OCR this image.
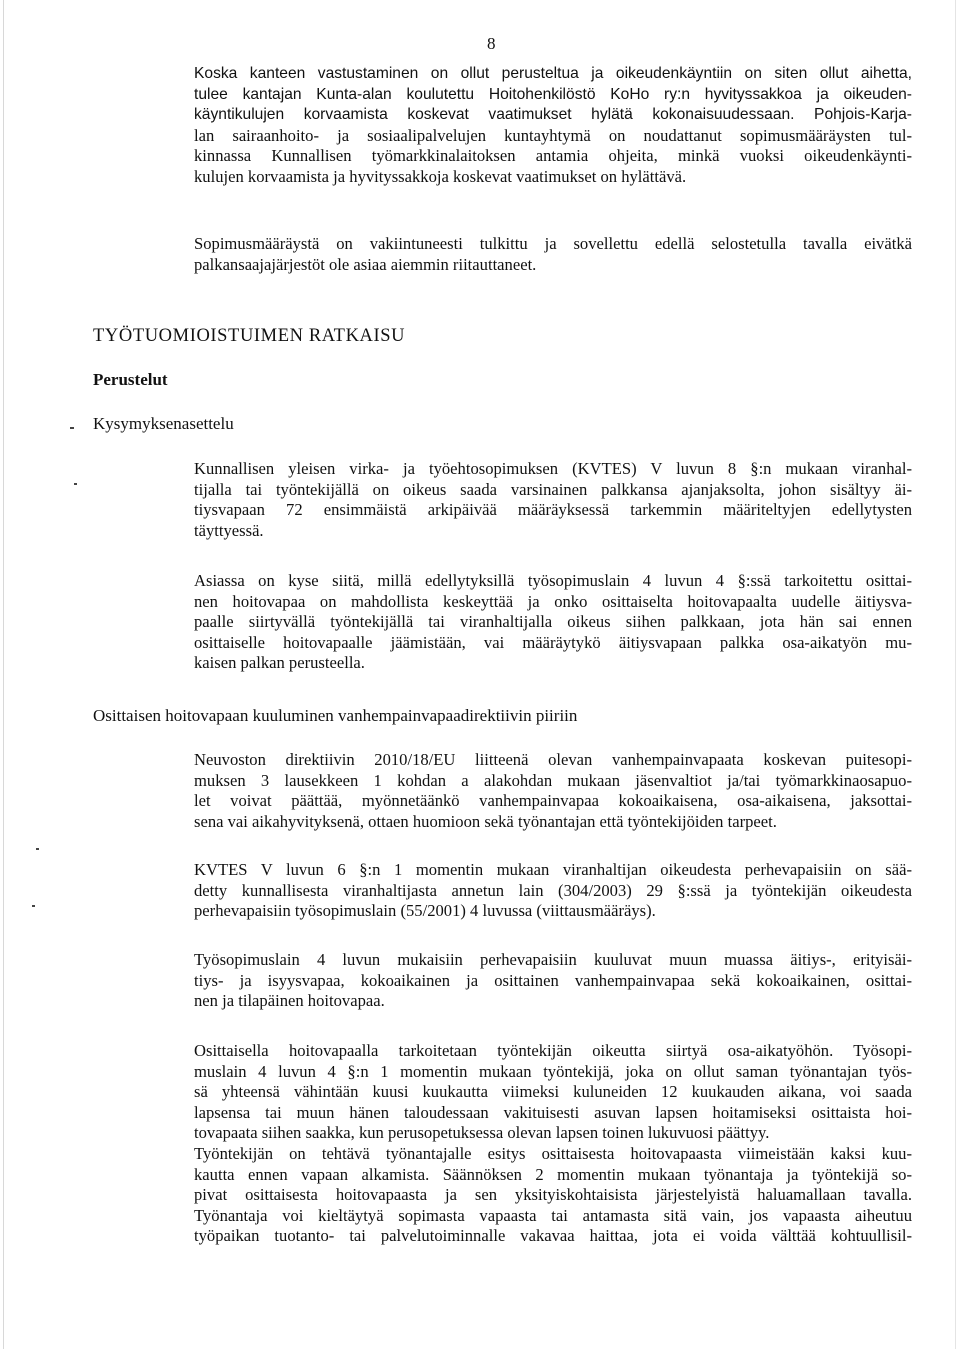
8

Koska kanteen vastustaminen on ollut perusteltua ja oikeudenkäyntiin on siten ollut aihetta,
tulee kantajan Kunta-alan koulutettu Hoitohenkilöstö KoHo ry:n hyvityssakkoa ja oikeuden-
käyntikulujen korvaamista koskevat vaatimukset hylätä kokonaisuudessaan. Pohjois-Karja-
lan sairaanhoito- ja sosiaalipalvelujen kuntayhtymä on noudattanut sopimusmääräysten tul-
kinnassa Kunnallisen työmarkkinalaitoksen antamia ohjeita, minkä vuoksi oikeudenkäynti-
kulujen korvaamista ja hyvityssakkoja koskevat vaatimukset on hylättävä.

Sopimusmääräystä on vakiintuneesti tulkittu ja sovellettu edellä selostetulla tavalla eivätkä
palkansaajajärjestöt ole asiaa aiemmin riitauttaneet.

TYÖTUOMIOISTUIMEN RATKAISU
Perustelut
Kysymyksenasettelu

Kunnallisen yleisen virka- ja työehtosopimuksen (KVTES) V luvun 8 §:n mukaan viranhal-
tijalla tai työntekijällä on oikeus saada varsinainen palkkansa ajanjaksolta, johon sisältyy äi-
tiysvapaan 72 ensimmäistä arkipäivää määräyksessä tarkemmin määriteltyjen edellytysten
täyttyessä.

Asiassa on kyse siitä, millä edellytyksillä työsopimuslain 4 luvun 4 §:ssä tarkoitettu osittai-
nen hoitovapaa on mahdollista keskeyttää ja onko osittaiselta hoitovapaalta uudelle äitiysva-
paalle siirtyvällä työntekijällä tai viranhaltijalla oikeus siihen palkkaan, jota hän sai ennen
osittaiselle hoitovapaalle jäämistään, vai määräytykö äitiysvapaan palkka osa-aikatyön mu-
kaisen palkan perusteella.

Osittaisen hoitovapaan kuuluminen vanhempainvapaadirektiivin piiriin

Neuvoston direktiivin 2010/18/EU liitteenä olevan vanhempainvapaata koskevan puitesopi-
muksen 3 lausekkeen 1 kohdan a alakohdan mukaan jäsenvaltiot ja/tai työmarkkinaosapuo-
let voivat päättää, myönnetäänkö vanhempainvapaa kokoaikaisena, osa-aikaisena, jaksottai-
sena vai aikahyvityksenä, ottaen huomioon sekä työnantajan että työntekijöiden tarpeet.

KVTES V luvun 6 §:n 1 momentin mukaan viranhaltijan oikeudesta perhevapaisiin on sää-
detty kunnallisesta viranhaltijasta annetun lain (304/2003) 29 §:ssä ja työntekijän oikeudesta
perhevapaisiin työsopimuslain (55/2001) 4 luvussa (viittausmääräys).

Työsopimuslain 4 luvun mukaisiin perhevapaisiin kuuluvat muun muassa äitiys-, erityisäi-
tiys- ja isyysvapaa, kokoaikainen ja osittainen vanhempainvapaa sekä kokoaikainen, osittai-
nen ja tilapäinen hoitovapaa.

Osittaisella hoitovapaalla tarkoitetaan työntekijän oikeutta siirtyä osa-aikatyöhön. Työsopi-
muslain 4 luvun 4 §:n 1 momentin mukaan työntekijä, joka on ollut saman työnantajan työs-
sä yhteensä vähintään kuusi kuukautta viimeksi kuluneiden 12 kuukauden aikana, voi saada
lapsensa tai muun hänen taloudessaan vakituisesti asuvan lapsen hoitamiseksi osittaista hoi-
tovapaata siihen saakka, kun perusopetuksessa olevan lapsen toinen lukuvuosi päättyy.
Työntekijän on tehtävä työnantajalle esitys osittaisesta hoitovapaasta viimeistään kaksi kuu-
kautta ennen vapaan alkamista. Säännöksen 2 momentin mukaan työnantaja ja työntekijä so-
pivat osittaisesta hoitovapaasta ja sen yksityiskohtaisista järjestelyistä haluamallaan tavalla.
Työnantaja voi kieltäytyä sopimasta vapaasta tai antamasta sitä vain, jos vapaasta aiheutuu
työpaikan tuotanto- tai palvelutoiminnalle vakavaa haittaa, jota ei voida välttää kohtuullisil-
